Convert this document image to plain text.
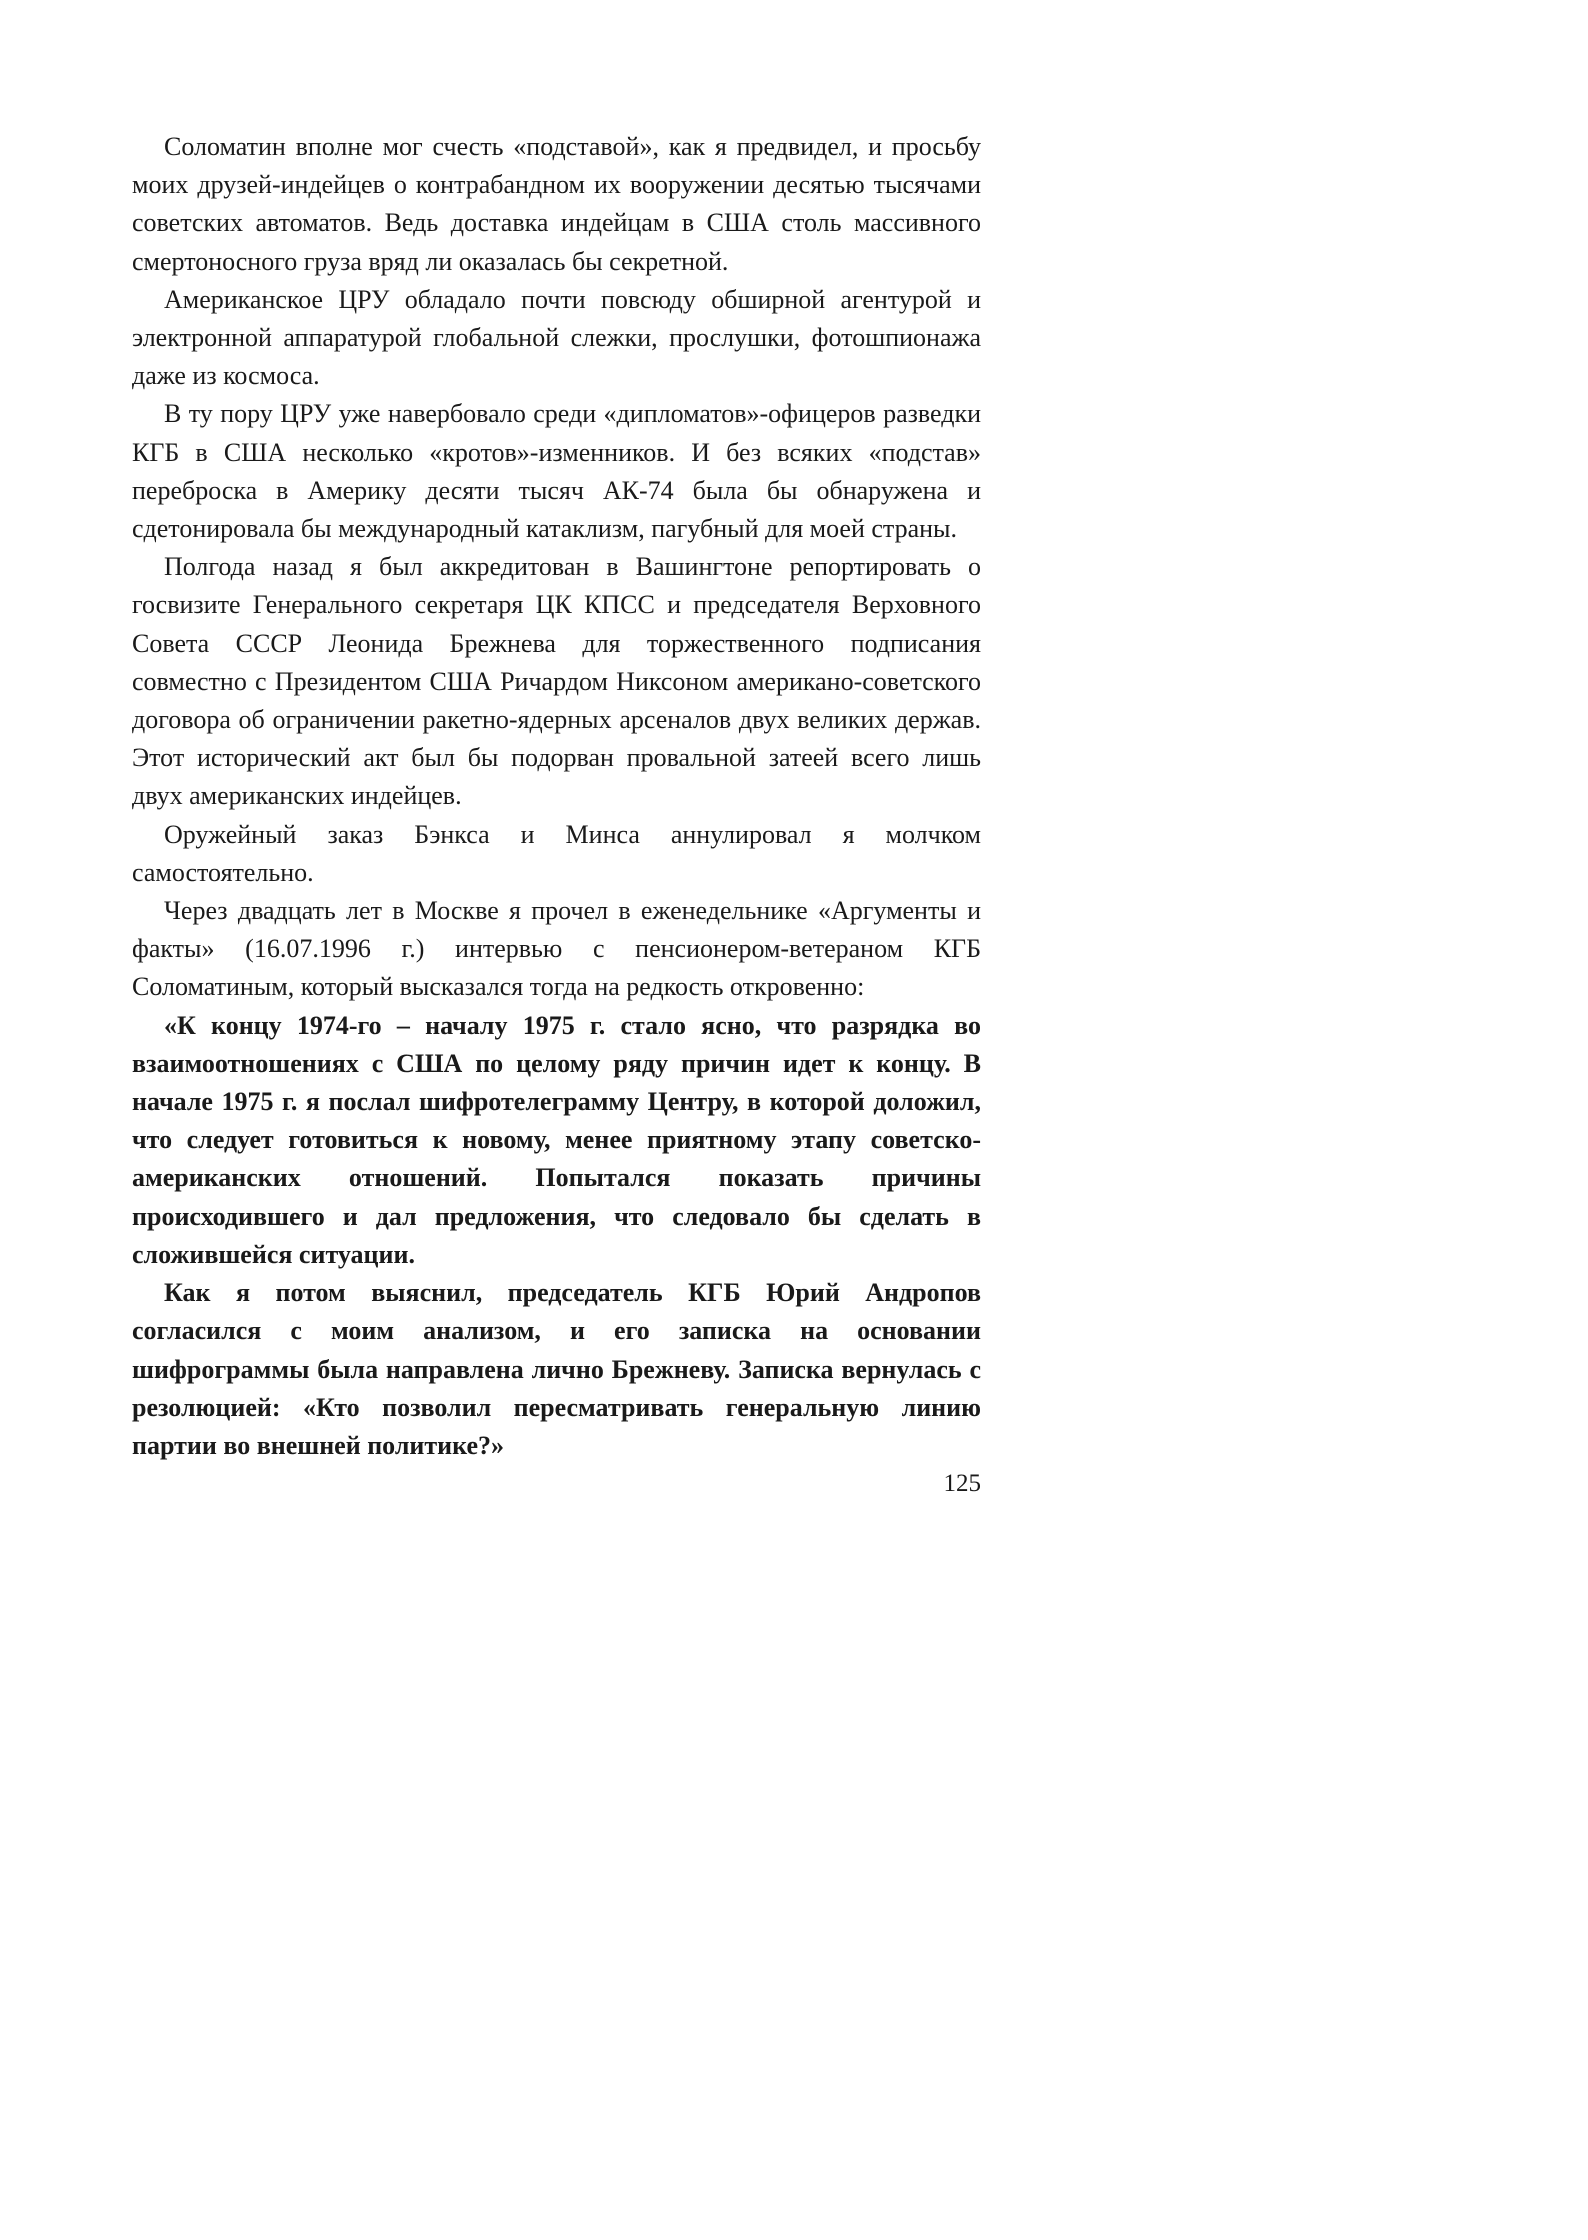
Соломатин вполне мог счесть «подставой», как я предвидел, и просьбу моих друзей-индейцев о контрабандном их вооружении десятью тысячами советских автоматов. Ведь доставка индейцам в США столь массивного смертоносного груза вряд ли оказалась бы секретной.

Американское ЦРУ обладало почти повсюду обширной агентурой и электронной аппаратурой глобальной слежки, прослушки, фотошпионажа даже из космоса.

В ту пору ЦРУ уже навербовало среди «дипломатов»-офицеров разведки КГБ в США несколько «кротов»-изменников. И без всяких «подстав» переброска в Америку десяти тысяч АК-74 была бы обнаружена и сдетонировала бы международный катаклизм, пагубный для моей страны.

Полгода назад я был аккредитован в Вашингтоне репортировать о госвизите Генерального секретаря ЦК КПСС и председателя Верховного Совета СССР Леонида Брежнева для торжественного подписания совместно с Президентом США Ричардом Никсоном американо-советского договора об ограничении ракетно-ядерных арсеналов двух великих держав. Этот исторический акт был бы подорван провальной затеей всего лишь двух американских индейцев.

Оружейный заказ Бэнкса и Минса аннулировал я молчком самостоятельно.

Через двадцать лет в Москве я прочел в еженедельнике «Аргументы и факты» (16.07.1996 г.) интервью с пенсионером-ветераном КГБ Соломатиным, который высказался тогда на редкость откровенно:

«К концу 1974-го – началу 1975 г. стало ясно, что разрядка во взаимоотношениях с США по целому ряду причин идет к концу. В начале 1975 г. я послал шифротелеграмму Центру, в которой доложил, что следует готовиться к новому, менее приятному этапу советско-американских отношений. Попытался показать причины происходившего и дал предложения, что следовало бы сделать в сложившейся ситуации.

Как я потом выяснил, председатель КГБ Юрий Андропов согласился с моим анализом, и его записка на основании шифрограммы была направлена лично Брежневу. Записка вернулась с резолюцией: «Кто позволил пересматривать генеральную линию партии во внешней политике?»

125
